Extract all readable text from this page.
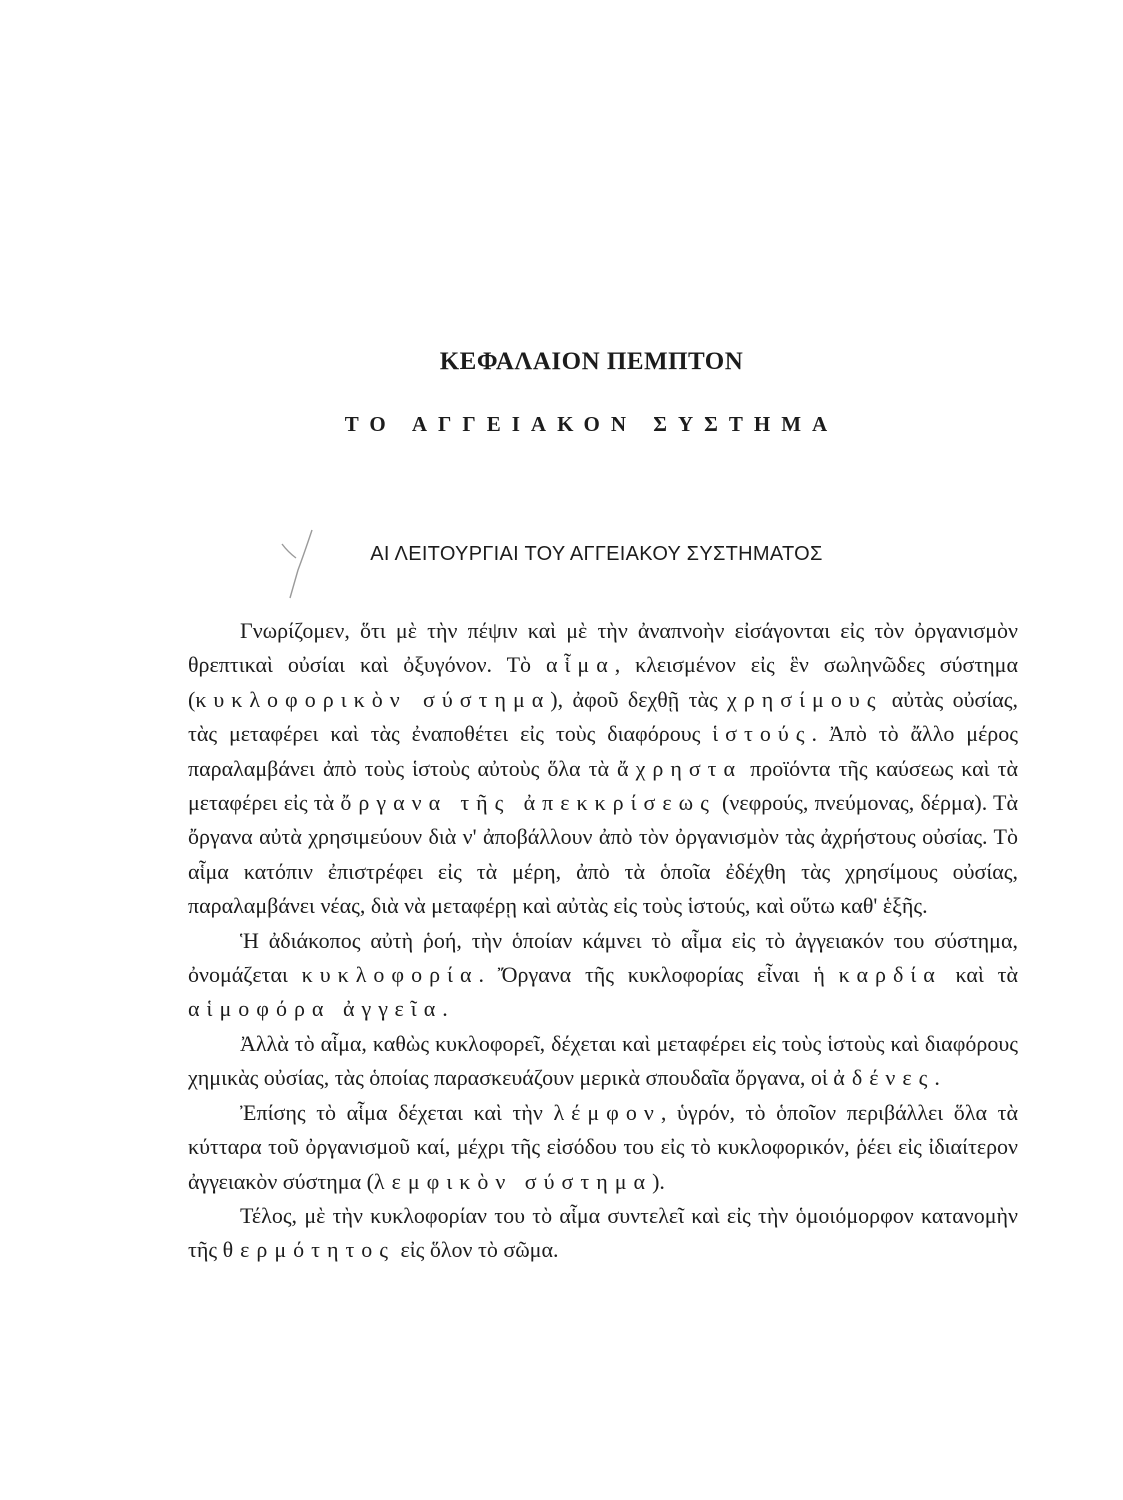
ΚΕΦΑΛΑΙΟΝ ΠΕΜΠΤΟΝ
ΤΟ ΑΓΓΕΙΑΚΟΝ ΣΥΣΤΗΜΑ
ΑΙ ΛΕΙΤΟΥΡΓΙΑΙ ΤΟΥ ΑΓΓΕΙΑΚΟΥ ΣΥΣΤΗΜΑΤΟΣ

Γνωρίζομεν, ὅτι μὲ τὴν πέψιν καὶ μὲ τὴν ἀναπνοὴν εἰσάγονται εἰς τὸν ὀργανισμὸν θρεπτικαὶ οὐσίαι καὶ ὀξυγόνον. Τὸ αἷμα, κλεισμένον εἰς ἓν σωληνῶδες σύστημα (κυκλοφορικὸν σύστημα), ἀφοῦ δεχθῇ τὰς χρησίμους αὐτὰς οὐσίας, τὰς μεταφέρει καὶ τὰς ἐναποθέτει εἰς τοὺς διαφόρους ἱστούς. Ἀπὸ τὸ ἄλλο μέρος παραλαμβάνει ἀπὸ τοὺς ἱστοὺς αὐτοὺς ὅλα τὰ ἄχρηστα προϊόντα τῆς καύσεως καὶ τὰ μεταφέρει εἰς τὰ ὄργανα τῆς ἀπεκκρίσεως (νεφρούς, πνεύμονας, δέρμα). Τὰ ὄργανα αὐτὰ χρησιμεύουν διὰ ν' ἀποβάλλουν ἀπὸ τὸν ὀργανισμὸν τὰς ἀχρήστους οὐσίας. Τὸ αἷμα κατόπιν ἐπιστρέφει εἰς τὰ μέρη, ἀπὸ τὰ ὁποῖα ἐδέχθη τὰς χρησίμους οὐσίας, παραλαμβάνει νέας, διὰ νὰ μεταφέρῃ καὶ αὐτὰς εἰς τοὺς ἱστούς, καὶ οὕτω καθ' ἑξῆς.

Ἡ ἀδιάκοπος αὐτὴ ῥοή, τὴν ὁποίαν κάμνει τὸ αἷμα εἰς τὸ ἀγγειακόν του σύστημα, ὀνομάζεται κυκλοφορία. Ὄργανα τῆς κυκλοφορίας εἶναι ἡ καρδία καὶ τὰ αἱμοφόρα ἀγγεῖα.

Ἀλλὰ τὸ αἷμα, καθὼς κυκλοφορεῖ, δέχεται καὶ μεταφέρει εἰς τοὺς ἱστοὺς καὶ διαφόρους χημικὰς οὐσίας, τὰς ὁποίας παρασκευάζουν μερικὰ σπουδαῖα ὄργανα, οἱ ἀδένες.

Ἐπίσης τὸ αἷμα δέχεται καὶ τὴν λέμφον, ὑγρόν, τὸ ὁποῖον περιβάλλει ὅλα τὰ κύτταρα τοῦ ὀργανισμοῦ καί, μέχρι τῆς εἰσόδου του εἰς τὸ κυκλοφορικόν, ῥέει εἰς ἰδιαίτερον ἀγγειακὸν σύστημα (λεμφικὸν σύστημα).

Τέλος, μὲ τὴν κυκλοφορίαν του τὸ αἷμα συντελεῖ καὶ εἰς τὴν ὁμοιόμορφον κατανομὴν τῆς θερμότητος εἰς ὅλον τὸ σῶμα.
